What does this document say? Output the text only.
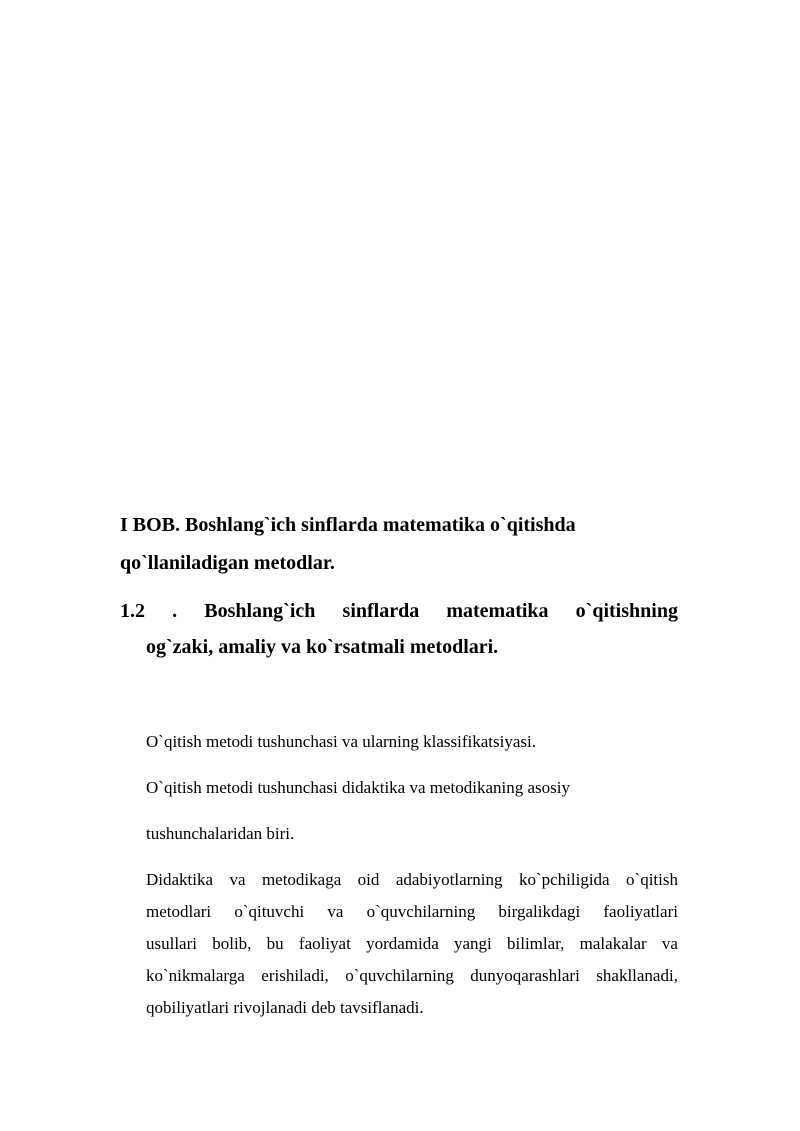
I BOB. Boshlang`ich sinflarda matematika o`qitishda
qo`llaniladigan metodlar.
1.2 . Boshlang`ich sinflarda matematika o`qitishning
og`zaki, amaliy va ko`rsatmali metodlari.

O`qitish metodi tushunchasi va ularning klassifikatsiyasi.

O`qitish metodi tushunchasi didaktika va metodikaning asosiy

tushunchalaridan biri.

Didaktika va metodikaga oid adabiyotlarning ko`pchiligida o`qitish
metodlari o`qituvchi va o`quvchilarning birgalikdagi faoliyatlari
usullari bolib, bu faoliyat yordamida yangi bilimlar, malakalar va
ko`nikmalarga erishiladi, o`quvchilarning dunyoqarashlari shakllanadi,
qobiliyatlari rivojlanadi deb tavsiflanadi.
